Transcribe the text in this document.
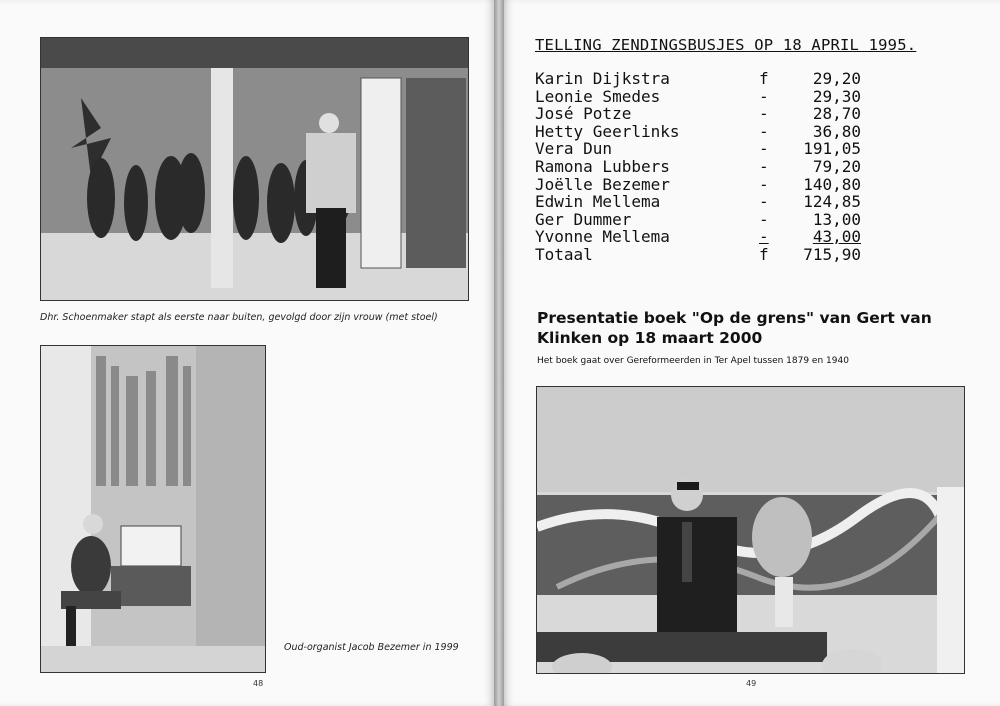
Dhr. Schoenmaker stapt als eerste naar buiten, gevolgd door zijn vrouw (met stoel)
Oud-organist Jacob Bezemer in 1999
48
TELLING ZENDINGSBUSJES OP 18 APRIL 1995.
Karin Dijkstra	f	29,20
Leonie Smedes	-	29,30
José Potze	-	28,70
Hetty Geerlinks	-	36,80
Vera Dun	-	191,05
Ramona Lubbers	-	79,20
Joëlle Bezemer	-	140,80
Edwin Mellema	-	124,85
Ger Dummer	-	13,00
Yvonne Mellema	-	43,00
Totaal	f	715,90
Presentatie boek "Op de grens" van Gert van Klinken op 18 maart 2000
Het boek gaat over Gereformeerden in Ter Apel tussen 1879 en 1940
49
